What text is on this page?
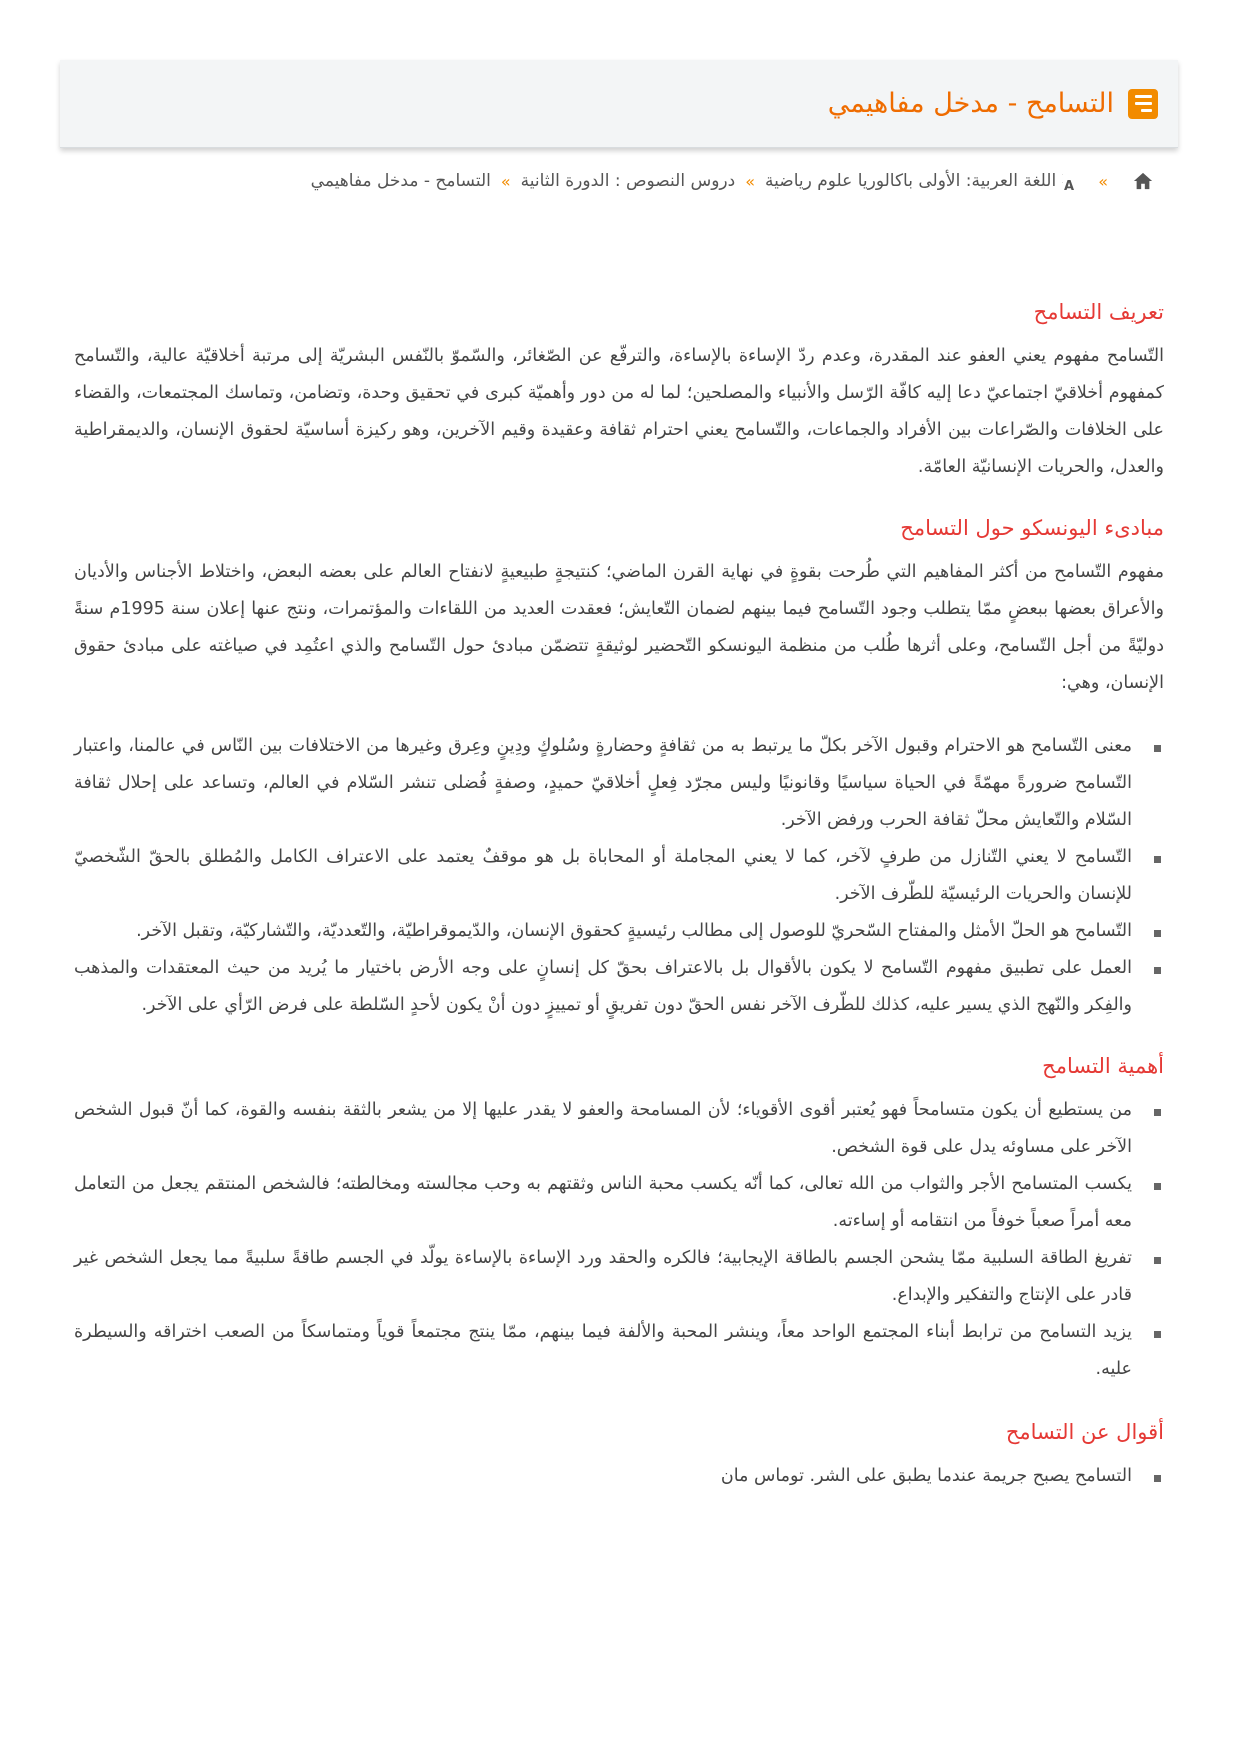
التسامح - مدخل مفاهيمي
»
A
اللغة العربية: الأولى باكالوريا علوم رياضية
»
دروس النصوص : الدورة الثانية
»
التسامح - مدخل مفاهيمي
تعريف التسامح

التّسامح مفهوم يعني العفو عند المقدرة، وعدم ردّ الإساءة بالإساءة، والترفّع عن الصّغائر، والسّموّ بالنّفس البشريّة إلى مرتبة أخلاقيّة عالية، والتّسامح كمفهوم أخلاقيّ اجتماعيّ دعا إليه كافّة الرّسل والأنبياء والمصلحين؛ لما له من دور وأهميّة كبرى في تحقيق وحدة، وتضامن، وتماسك المجتمعات، والقضاء على الخلافات والصّراعات بين الأفراد والجماعات، والتّسامح يعني احترام ثقافة وعقيدة وقيم الآخرين، وهو ركيزة أساسيّة لحقوق الإنسان، والديمقراطية والعدل، والحريات الإنسانيّة العامّة.

مبادىء اليونسكو حول التسامح

مفهوم التّسامح من أكثر المفاهيم التي طُرحت بقوةٍ في نهاية القرن الماضي؛ كنتيجةٍ طبيعيةٍ لانفتاح العالم على بعضه البعض، واختلاط الأجناس والأديان والأعراق بعضها ببعضٍ ممّا يتطلب وجود التّسامح فيما بينهم لضمان التّعايش؛ فعقدت العديد من اللقاءات والمؤتمرات، ونتج عنها إعلان سنة 1995م سنةً دوليّةً من أجل التّسامح، وعلى أثرها طُلب من منظمة اليونسكو التّحضير لوثيقةٍ تتضمّن مبادئ حول التّسامح والذي اعتُمِد في صياغته على مبادئ حقوق الإنسان، وهي:

معنى التّسامح هو الاحترام وقبول الآخر بكلّ ما يرتبط به من ثقافةٍ وحضارةٍ وسُلوكٍ ودِينٍ وعِرق وغيرها من الاختلافات بين النّاس في عالمنا، واعتبار التّسامح ضرورةً مهمّةً في الحياة سياسيًا وقانونيًا وليس مجرّد فِعلٍ أخلاقيّ حميدٍ، وصفةٍ فُضلى تنشر السّلام في العالم، وتساعد على إحلال ثقافة السّلام والتّعايش محلّ ثقافة الحرب ورفض الآخر.
التّسامح لا يعني التّنازل من طرفٍ لآخر، كما لا يعني المجاملة أو المحاباة بل هو موقفٌ يعتمد على الاعتراف الكامل والمُطلق بالحقّ الشّخصيّ للإنسان والحريات الرئيسيّة للطّرف الآخر.
التّسامح هو الحلّ الأمثل والمفتاح السّحريّ للوصول إلى مطالب رئيسيةٍ كحقوق الإنسان، والدّيموقراطيّة، والتّعدديّة، والتّشاركيّة، وتقبل الآخر.
العمل على تطبيق مفهوم التّسامح لا يكون بالأقوال بل بالاعتراف بحقّ كل إنسانٍ على وجه الأرض باختيار ما يُريد من حيث المعتقدات والمذهب والفِكر والنّهج الذي يسير عليه، كذلك للطّرف الآخر نفس الحقّ دون تفريقٍ أو تمييزٍ دون أنْ يكون لأحدٍ السّلطة على فرض الرّأي على الآخر.
أهمية التسامح
من يستطيع أن يكون متسامحاً فهو يُعتبر أقوى الأقوياء؛ لأن المسامحة والعفو لا يقدر عليها إلا من يشعر بالثقة بنفسه والقوة، كما أنّ قبول الشخص الآخر على مساوئه يدل على قوة الشخص.
يكسب المتسامح الأجر والثواب من الله تعالى، كما أنّه يكسب محبة الناس وثقتهم به وحب مجالسته ومخالطته؛ فالشخص المنتقم يجعل من التعامل معه أمراً صعباً خوفاً من انتقامه أو إساءته.
تفريغ الطاقة السلبية ممّا يشحن الجسم بالطاقة الإيجابية؛ فالكره والحقد ورد الإساءة بالإساءة يولّد في الجسم طاقةً سلبيةً مما يجعل الشخص غير قادر على الإنتاج والتفكير والإبداع.
يزيد التسامح من ترابط أبناء المجتمع الواحد معاً، وينشر المحبة والألفة فيما بينهم، ممّا ينتج مجتمعاً قوياً ومتماسكاً من الصعب اختراقه والسيطرة عليه.
أقوال عن التسامح
التسامح يصبح جريمة عندما يطبق على الشر. توماس مان
